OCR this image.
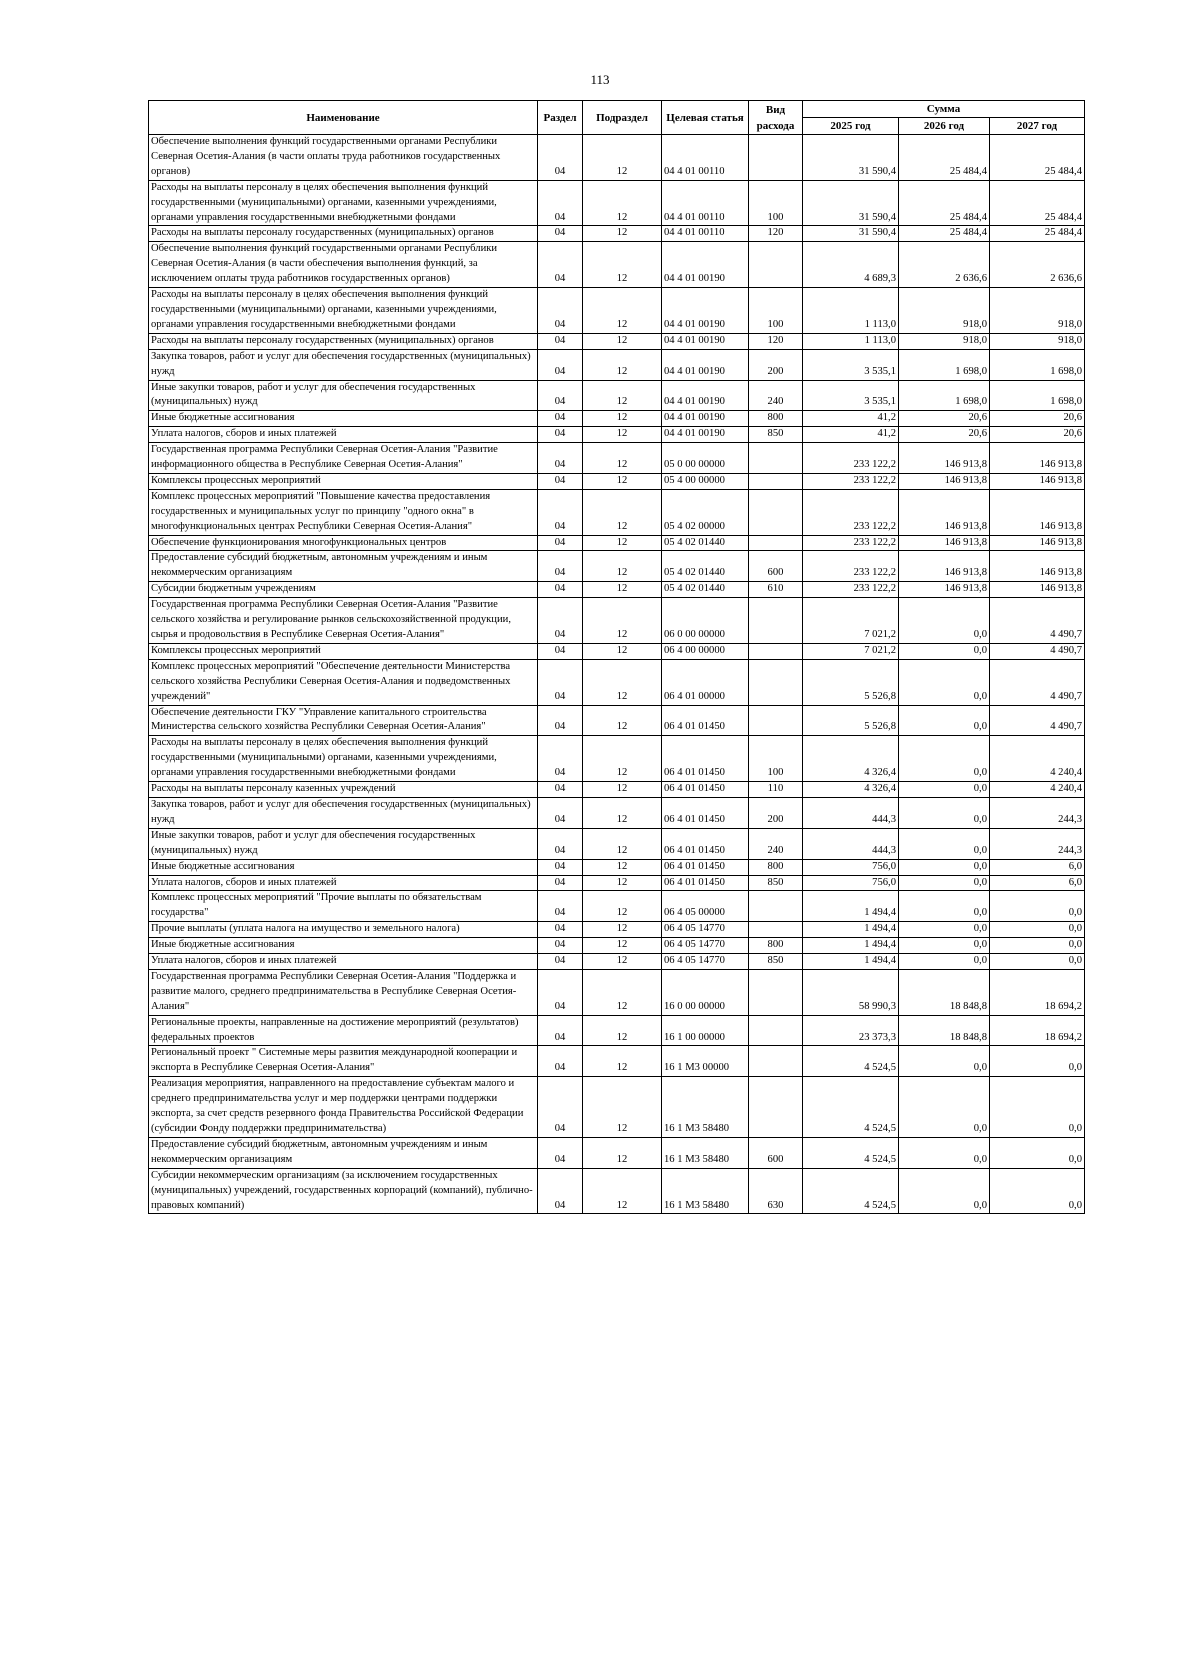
113
Наименование	Раздел	Подраздел	Целевая статья	Вид расхода	Сумма		
					2025 год	2026 год	2027 год
Обеспечение выполнения функций государственными органами Республики Северная Осетия-Алания (в части оплаты труда работников государственных органов)	04	12	04 4 01 00110		31 590,4	25 484,4	25 484,4
Расходы на выплаты персоналу в целях обеспечения выполнения функций государственными (муниципальными) органами, казенными учреждениями, органами управления государственными внебюджетными фондами	04	12	04 4 01 00110	100	31 590,4	25 484,4	25 484,4
Расходы на выплаты персоналу государственных (муниципальных) органов	04	12	04 4 01 00110	120	31 590,4	25 484,4	25 484,4
Обеспечение выполнения функций государственными органами Республики Северная Осетия-Алания (в части обеспечения выполнения функций, за исключением оплаты труда работников государственных органов)	04	12	04 4 01 00190		4 689,3	2 636,6	2 636,6
Расходы на выплаты персоналу в целях обеспечения выполнения функций государственными (муниципальными) органами, казенными учреждениями, органами управления государственными внебюджетными фондами	04	12	04 4 01 00190	100	1 113,0	918,0	918,0
Расходы на выплаты персоналу государственных (муниципальных) органов	04	12	04 4 01 00190	120	1 113,0	918,0	918,0
Закупка товаров, работ и услуг для обеспечения государственных (муниципальных) нужд	04	12	04 4 01 00190	200	3 535,1	1 698,0	1 698,0
Иные закупки товаров, работ и услуг для обеспечения государственных (муниципальных) нужд	04	12	04 4 01 00190	240	3 535,1	1 698,0	1 698,0
Иные бюджетные ассигнования	04	12	04 4 01 00190	800	41,2	20,6	20,6
Уплата налогов, сборов и иных платежей	04	12	04 4 01 00190	850	41,2	20,6	20,6
Государственная программа Республики Северная Осетия-Алания "Развитие информационного общества в Республике Северная Осетия-Алания"	04	12	05 0 00 00000		233 122,2	146 913,8	146 913,8
Комплексы процессных мероприятий	04	12	05 4 00 00000		233 122,2	146 913,8	146 913,8
Комплекс процессных мероприятий "Повышение качества предоставления государственных и муниципальных услуг по принципу "одного окна" в многофункциональных центрах Республики Северная Осетия-Алания"	04	12	05 4 02 00000		233 122,2	146 913,8	146 913,8
Обеспечение функционирования многофункциональных центров	04	12	05 4 02 01440		233 122,2	146 913,8	146 913,8
Предоставление субсидий бюджетным, автономным учреждениям и иным некоммерческим организациям	04	12	05 4 02 01440	600	233 122,2	146 913,8	146 913,8
Субсидии бюджетным учреждениям	04	12	05 4 02 01440	610	233 122,2	146 913,8	146 913,8
Государственная программа Республики Северная Осетия-Алания "Развитие сельского хозяйства и регулирование рынков сельскохозяйственной продукции, сырья и продовольствия в Республике Северная Осетия-Алания"	04	12	06 0 00 00000		7 021,2	0,0	4 490,7
Комплексы процессных мероприятий	04	12	06 4 00 00000		7 021,2	0,0	4 490,7
Комплекс процессных мероприятий "Обеспечение деятельности Министерства сельского хозяйства Республики Северная Осетия-Алания и подведомственных учреждений"	04	12	06 4 01 00000		5 526,8	0,0	4 490,7
Обеспечение деятельности ГКУ "Управление капитального строительства Министерства сельского хозяйства Республики Северная Осетия-Алания"	04	12	06 4 01 01450		5 526,8	0,0	4 490,7
Расходы на выплаты персоналу в целях обеспечения выполнения функций государственными (муниципальными) органами, казенными учреждениями, органами управления государственными внебюджетными фондами	04	12	06 4 01 01450	100	4 326,4	0,0	4 240,4
Расходы на выплаты персоналу казенных учреждений	04	12	06 4 01 01450	110	4 326,4	0,0	4 240,4
Закупка товаров, работ и услуг для обеспечения государственных (муниципальных) нужд	04	12	06 4 01 01450	200	444,3	0,0	244,3
Иные закупки товаров, работ и услуг для обеспечения государственных (муниципальных) нужд	04	12	06 4 01 01450	240	444,3	0,0	244,3
Иные бюджетные ассигнования	04	12	06 4 01 01450	800	756,0	0,0	6,0
Уплата налогов, сборов и иных платежей	04	12	06 4 01 01450	850	756,0	0,0	6,0
Комплекс процессных мероприятий "Прочие выплаты по обязательствам государства"	04	12	06 4 05 00000		1 494,4	0,0	0,0
Прочие выплаты (уплата налога на имущество и земельного налога)	04	12	06 4 05 14770		1 494,4	0,0	0,0
Иные бюджетные ассигнования	04	12	06 4 05 14770	800	1 494,4	0,0	0,0
Уплата налогов, сборов и иных платежей	04	12	06 4 05 14770	850	1 494,4	0,0	0,0
Государственная программа Республики Северная Осетия-Алания "Поддержка и развитие малого, среднего предпринимательства в Республике Северная Осетия-Алания"	04	12	16 0 00 00000		58 990,3	18 848,8	18 694,2
Региональные проекты, направленные на достижение мероприятий (результатов) федеральных проектов	04	12	16 1 00 00000		23 373,3	18 848,8	18 694,2
Региональный проект " Системные меры развития международной кооперации и экспорта в Республике Северная Осетия-Алания"	04	12	16 1 M3 00000		4 524,5	0,0	0,0
Реализация мероприятия, направленного на предоставление субъектам малого и среднего предпринимательства услуг и мер поддержки центрами поддержки экспорта, за счет средств резервного фонда Правительства Российской Федерации (субсидии Фонду поддержки предпринимательства)	04	12	16 1 M3 58480		4 524,5	0,0	0,0
Предоставление субсидий бюджетным, автономным учреждениям и иным некоммерческим организациям	04	12	16 1 M3 58480	600	4 524,5	0,0	0,0
Субсидии некоммерческим организациям (за исключением государственных (муниципальных) учреждений, государственных корпораций (компаний), публично-правовых компаний)	04	12	16 1 M3 58480	630	4 524,5	0,0	0,0
